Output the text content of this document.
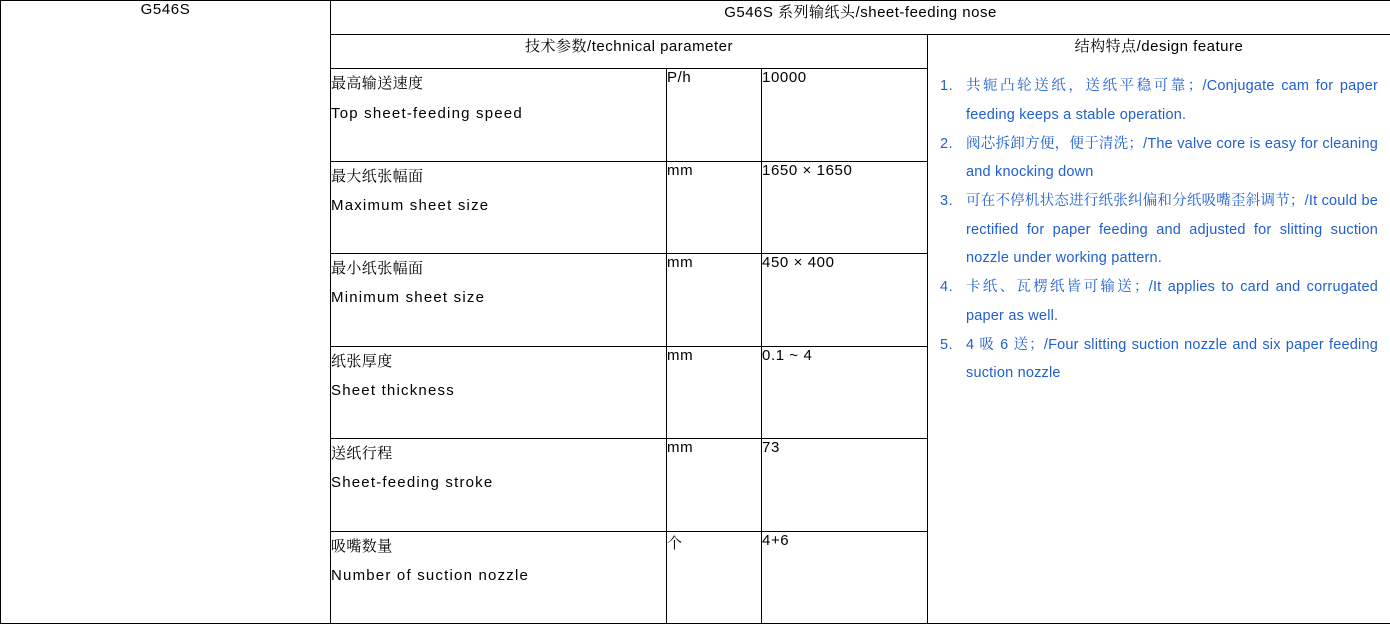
G546S	G546S 系列输纸头/sheet-feeding nose			
技术参数/technical parameter	结构特点/design feature
1. 共轭凸轮送纸，送纸平稳可靠；/Conjugate cam for paper feeding keeps a stable operation.
2. 阀芯拆卸方便，便于清洗；/The valve core is easy for cleaning and knocking down
3. 可在不停机状态进行纸张纠偏和分纸吸嘴歪斜调节；/It could be rectified for paper feeding and adjusted for slitting suction nozzle under working pattern.
4. 卡纸、瓦楞纸皆可输送；/It applies to card and corrugated paper as well.
5. 4 吸 6 送；/Four slitting suction nozzle and six paper feeding suction nozzle

	最高输送速度
Top sheet-feeding speed	P/h	10000	

	最大纸张幅面
Maximum sheet size	mm	1650 × 1650	

	最小纸张幅面
Minimum sheet size	mm	450 × 400	

	纸张厚度
Sheet thickness	mm	0.1 ~ 4	

	送纸行程
Sheet-feeding stroke	mm	73	

	吸嘴数量
Number of suction nozzle	个	4+6	
